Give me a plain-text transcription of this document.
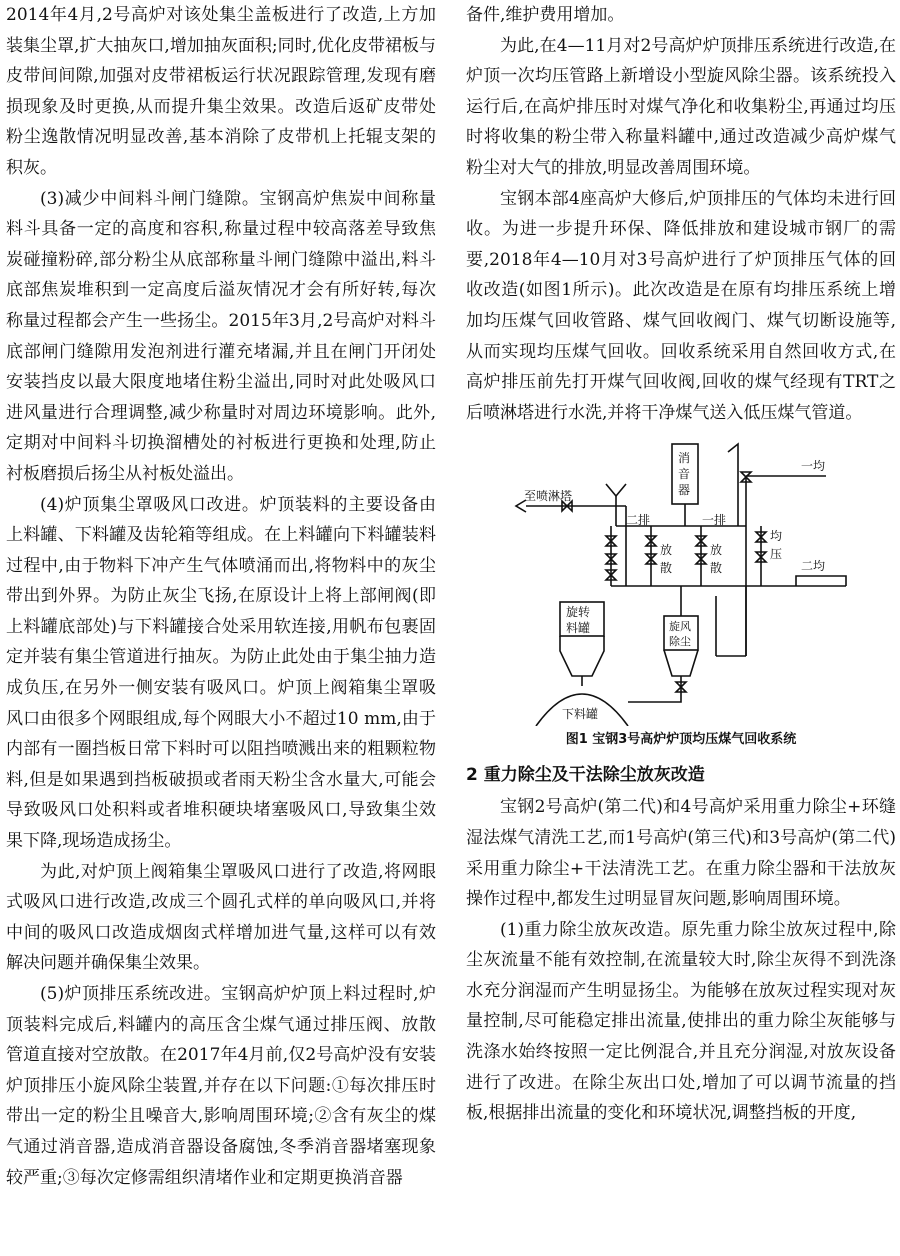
2014年4月,2号高炉对该处集尘盖板进行了改造,上方加装集尘罩,扩大抽灰口,增加抽灰面积;同时,优化皮带裙板与皮带间间隙,加强对皮带裙板运行状况跟踪管理,发现有磨损现象及时更换,从而提升集尘效果。改造后返矿皮带处粉尘逸散情况明显改善,基本消除了皮带机上托辊支架的积灰。

(3)减少中间料斗闸门缝隙。宝钢高炉焦炭中间称量料斗具备一定的高度和容积,称量过程中较高落差导致焦炭碰撞粉碎,部分粉尘从底部称量斗闸门缝隙中溢出,料斗底部焦炭堆积到一定高度后溢灰情况才会有所好转,每次称量过程都会产生一些扬尘。2015年3月,2号高炉对料斗底部闸门缝隙用发泡剂进行灌充堵漏,并且在闸门开闭处安装挡皮以最大限度地堵住粉尘溢出,同时对此处吸风口进风量进行合理调整,减少称量时对周边环境影响。此外,定期对中间料斗切换溜槽处的衬板进行更换和处理,防止衬板磨损后扬尘从衬板处溢出。

(4)炉顶集尘罩吸风口改进。炉顶装料的主要设备由上料罐、下料罐及齿轮箱等组成。在上料罐向下料罐装料过程中,由于物料下冲产生气体喷涌而出,将物料中的灰尘带出到外界。为防止灰尘飞扬,在原设计上将上部闸阀(即上料罐底部处)与下料罐接合处采用软连接,用帆布包裹固定并装有集尘管道进行抽灰。为防止此处由于集尘抽力造成负压,在另外一侧安装有吸风口。炉顶上阀箱集尘罩吸风口由很多个网眼组成,每个网眼大小不超过10 mm,由于内部有一圈挡板日常下料时可以阻挡喷溅出来的粗颗粒物料,但是如果遇到挡板破损或者雨天粉尘含水量大,可能会导致吸风口处积料或者堆积硬块堵塞吸风口,导致集尘效果下降,现场造成扬尘。

为此,对炉顶上阀箱集尘罩吸风口进行了改造,将网眼式吸风口进行改造,改成三个圆孔式样的单向吸风口,并将中间的吸风口改造成烟囱式样增加进气量,这样可以有效解决问题并确保集尘效果。

(5)炉顶排压系统改进。宝钢高炉炉顶上料过程时,炉顶装料完成后,料罐内的高压含尘煤气通过排压阀、放散管道直接对空放散。在2017年4月前,仅2号高炉没有安装炉顶排压小旋风除尘装置,并存在以下问题:①每次排压时带出一定的粉尘且噪音大,影响周围环境;②含有灰尘的煤气通过消音器,造成消音器设备腐蚀,冬季消音器堵塞现象较严重;③每次定修需组织清堵作业和定期更换消音器

备件,维护费用增加。

为此,在4—11月对2号高炉炉顶排压系统进行改造,在炉顶一次均压管路上新增设小型旋风除尘器。该系统投入运行后,在高炉排压时对煤气净化和收集粉尘,再通过均压时将收集的粉尘带入称量料罐中,通过改造减少高炉煤气粉尘对大气的排放,明显改善周围环境。

宝钢本部4座高炉大修后,炉顶排压的气体均未进行回收。为进一步提升环保、降低排放和建设城市钢厂的需要,2018年4—10月对3号高炉进行了炉顶排压气体的回收改造(如图1所示)。此次改造是在原有均排压系统上增加均压煤气回收管路、煤气回收阀门、煤气切断设施等,从而实现均压煤气回收。回收系统采用自然回收方式,在高炉排压前先打开煤气回收阀,回收的煤气经现有TRT之后喷淋塔进行水洗,并将干净煤气送入低压煤气管道。

消
音
器
一均
至喷淋塔
二排
放
散
一排
放
散
均
压
二均
旋转
料罐
下料罐
旋风
除尘
图1 宝钢3号高炉炉顶均压煤气回收系统
2 重力除尘及干法除尘放灰改造

宝钢2号高炉(第二代)和4号高炉采用重力除尘+环缝湿法煤气清洗工艺,而1号高炉(第三代)和3号高炉(第二代)采用重力除尘+干法清洗工艺。在重力除尘器和干法放灰操作过程中,都发生过明显冒灰问题,影响周围环境。

(1)重力除尘放灰改造。原先重力除尘放灰过程中,除尘灰流量不能有效控制,在流量较大时,除尘灰得不到洗涤水充分润湿而产生明显扬尘。为能够在放灰过程实现对灰量控制,尽可能稳定排出流量,使排出的重力除尘灰能够与洗涤水始终按照一定比例混合,并且充分润湿,对放灰设备进行了改进。在除尘灰出口处,增加了可以调节流量的挡板,根据排出流量的变化和环境状况,调整挡板的开度,
